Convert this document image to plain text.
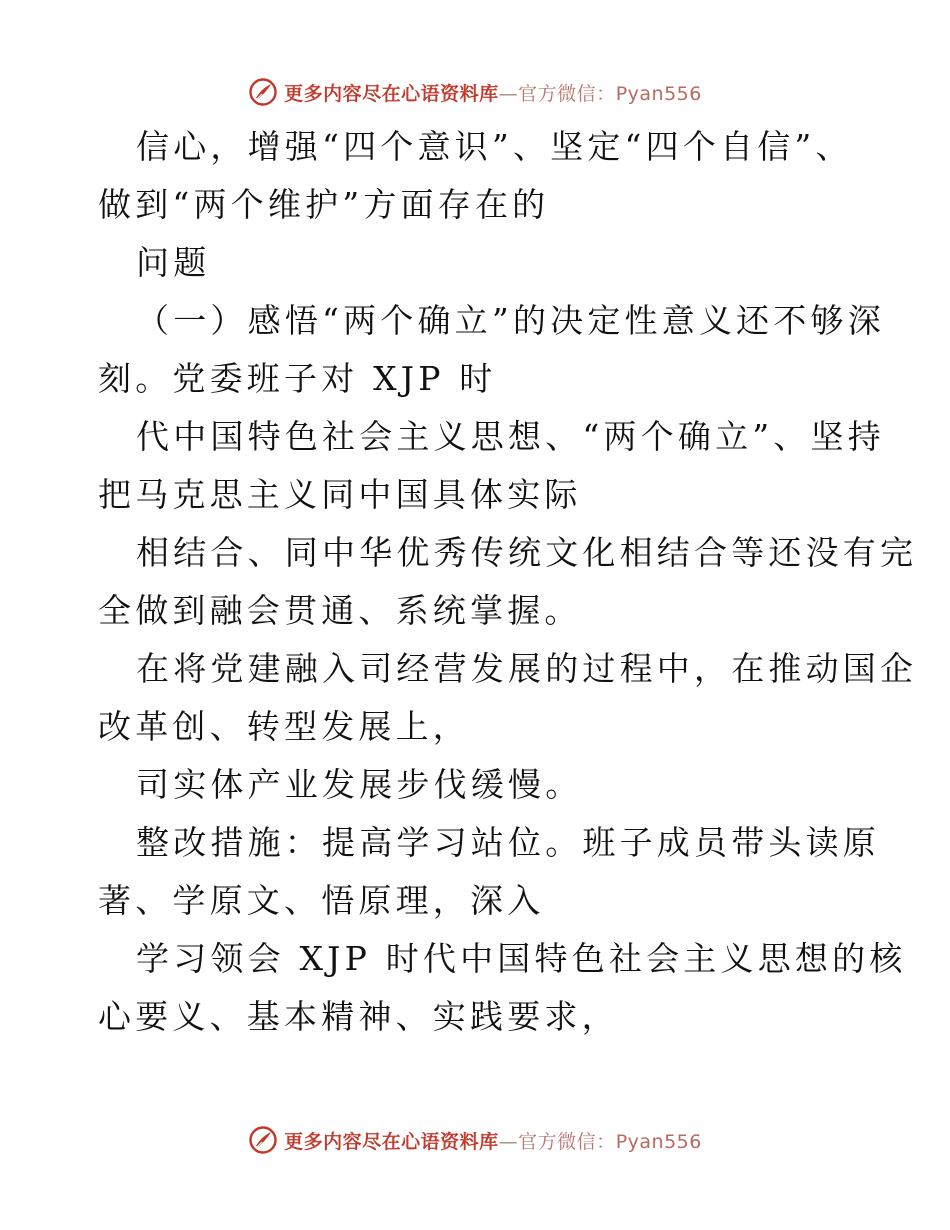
更多内容尽在心语资料库—官方微信：Pyan556
信心，增强“四个意识”、坚定“四个自信”、
做到“两个维护”方面存在的
问题
（一）感悟“两个确立”的决定性意义还不够深
刻。党委班子对 XJP 时
代中国特色社会主义思想、“两个确立”、坚持
把马克思主义同中国具体实际
相结合、同中华优秀传统文化相结合等还没有完
全做到融会贯通、系统掌握。
在将党建融入司经营发展的过程中，在推动国企
改革创、转型发展上，
司实体产业发展步伐缓慢。
整改措施：提高学习站位。班子成员带头读原
著、学原文、悟原理，深入
学习领会 XJP 时代中国特色社会主义思想的核
心要义、基本精神、实践要求，
更多内容尽在心语资料库—官方微信：Pyan556
